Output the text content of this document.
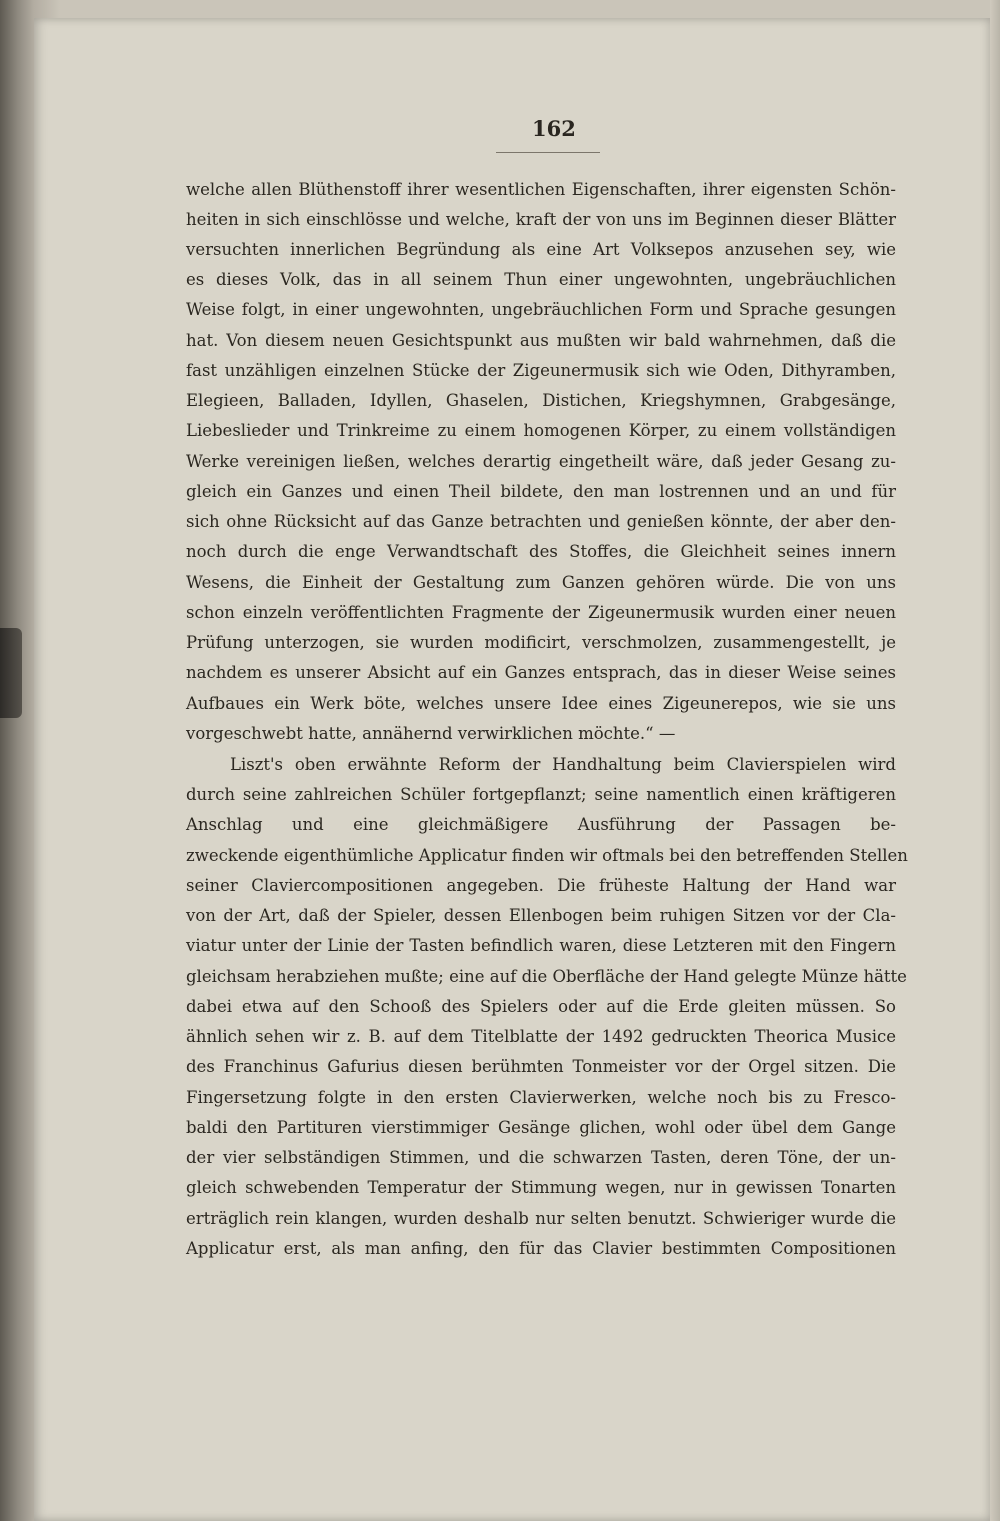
162
welche allen Blüthenstoff ihrer wesentlichen Eigenschaften, ihrer eigensten Schön-
heiten in sich einschlösse und welche, kraft der von uns im Beginnen dieser Blätter
versuchten innerlichen Begründung als eine Art Volksepos anzusehen sey, wie
es dieses Volk, das in all seinem Thun einer ungewohnten, ungebräuchlichen
Weise folgt, in einer ungewohnten, ungebräuchlichen Form und Sprache gesungen
hat. Von diesem neuen Gesichtspunkt aus mußten wir bald wahrnehmen, daß die
fast unzähligen einzelnen Stücke der Zigeunermusik sich wie Oden, Dithyramben,
Elegieen, Balladen, Idyllen, Ghaselen, Distichen, Kriegshymnen, Grabgesänge,
Liebeslieder und Trinkreime zu einem homogenen Körper, zu einem vollständigen
Werke vereinigen ließen, welches derartig eingetheilt wäre, daß jeder Gesang zu-
gleich ein Ganzes und einen Theil bildete, den man lostrennen und an und für
sich ohne Rücksicht auf das Ganze betrachten und genießen könnte, der aber den-
noch durch die enge Verwandtschaft des Stoffes, die Gleichheit seines innern
Wesens, die Einheit der Gestaltung zum Ganzen gehören würde. Die von uns
schon einzeln veröffentlichten Fragmente der Zigeunermusik wurden einer neuen
Prüfung unterzogen, sie wurden modificirt, verschmolzen, zusammengestellt, je
nachdem es unserer Absicht auf ein Ganzes entsprach, das in dieser Weise seines
Aufbaues ein Werk böte, welches unsere Idee eines Zigeunerepos, wie sie uns
vorgeschwebt hatte, annähernd verwirklichen möchte.“ —
Liszt's oben erwähnte Reform der Handhaltung beim Clavierspielen wird
durch seine zahlreichen Schüler fortgepflanzt; seine namentlich einen kräftigeren
Anschlag und eine gleichmäßigere Ausführung der Passagen be-
zweckende eigenthümliche Applicatur finden wir oftmals bei den betreffenden Stellen
seiner Claviercompositionen angegeben. Die früheste Haltung der Hand war
von der Art, daß der Spieler, dessen Ellenbogen beim ruhigen Sitzen vor der Cla-
viatur unter der Linie der Tasten befindlich waren, diese Letzteren mit den Fingern
gleichsam herabziehen mußte; eine auf die Oberfläche der Hand gelegte Münze hätte
dabei etwa auf den Schooß des Spielers oder auf die Erde gleiten müssen. So
ähnlich sehen wir z. B. auf dem Titelblatte der 1492 gedruckten Theorica Musice
des Franchinus Gafurius diesen berühmten Tonmeister vor der Orgel sitzen. Die
Fingersetzung folgte in den ersten Clavierwerken, welche noch bis zu Fresco-
baldi den Partituren vierstimmiger Gesänge glichen, wohl oder übel dem Gange
der vier selbständigen Stimmen, und die schwarzen Tasten, deren Töne, der un-
gleich schwebenden Temperatur der Stimmung wegen, nur in gewissen Tonarten
erträglich rein klangen, wurden deshalb nur selten benutzt. Schwieriger wurde die
Applicatur erst, als man anfing, den für das Clavier bestimmten Compositionen
